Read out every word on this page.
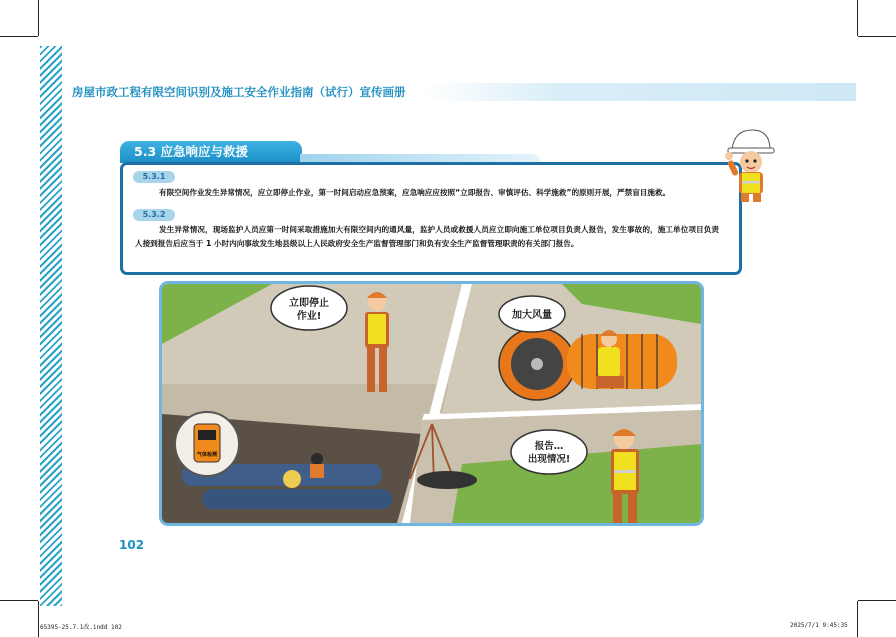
房屋市政工程有限空间识别及施工安全作业指南（试行）宣传画册
5.3 应急响应与救援
5.3.1
有限空间作业发生异常情况，应立即停止作业，第一时间启动应急预案，应急响应应按照“立即报告、审慎评估、科学施救”的原则开展，严禁盲目施救。
5.3.2
发生异常情况，现场监护人员应第一时间采取措施加大有限空间内的通风量，监护人员或救援人员应立即向施工单位项目负责人报告，发生事故的，施工单位项目负责人接到报告后应当于 1 小时内向事故发生地县级以上人民政府安全生产监督管理部门和负有安全生产监督管理职责的有关部门报告。
气体检测
立即停止
作业!	加大风量
报告…
出现情况!
102
65395-25.7.1改.indd 102	2025/7/1 9:45:35
